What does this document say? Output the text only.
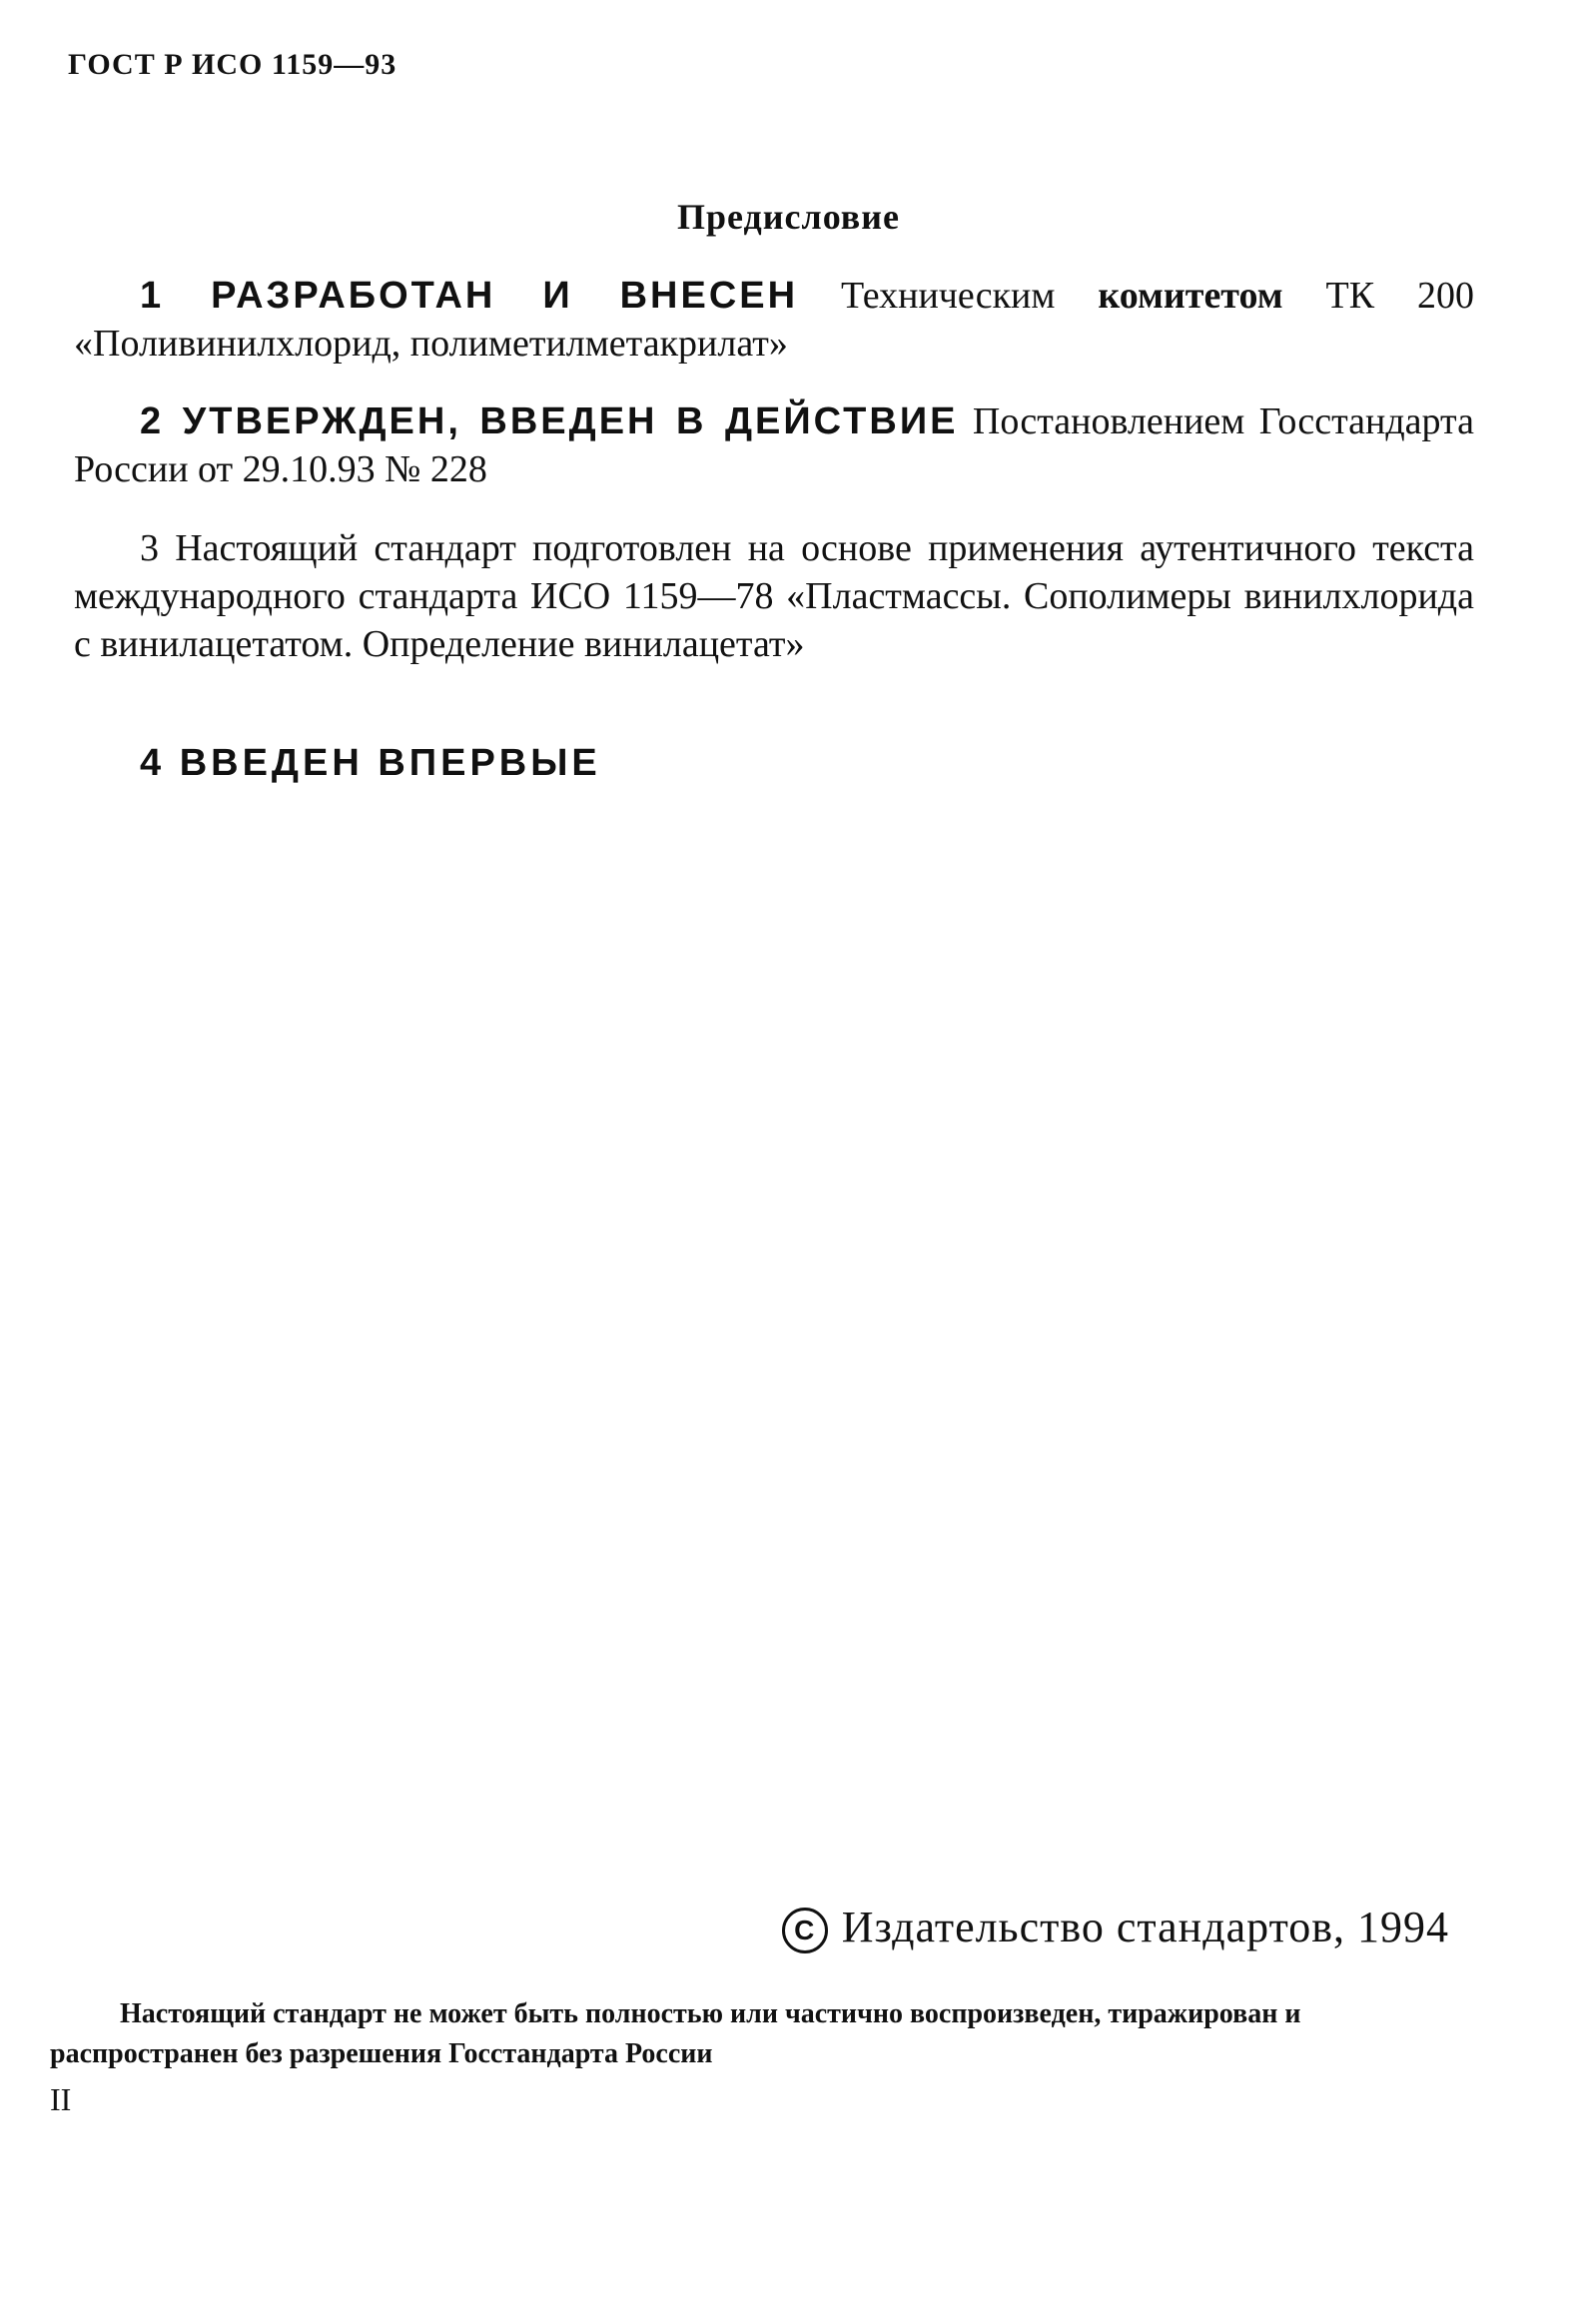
ГОСТ Р ИСО 1159—93
Предисловие
1 РАЗРАБОТАН И ВНЕСЕН Техническим комитетом ТК 200 «Поливинилхлорид, полиметилметакрилат»
2 УТВЕРЖДЕН, ВВЕДЕН В ДЕЙСТВИЕ Постановлением Госстандарта России от 29.10.93 № 228
3 Настоящий стандарт подготовлен на основе применения аутентичного текста международного стандарта ИСО 1159—78 «Пластмассы. Сополимеры винилхлорида с винилацетатом. Определение винилацетат»
4 ВВЕДЕН ВПЕРВЫЕ
C Издательство стандартов, 1994
Настоящий стандарт не может быть полностью или частично воспроизведен, тиражирован и распространен без разрешения Госстандарта России
II
